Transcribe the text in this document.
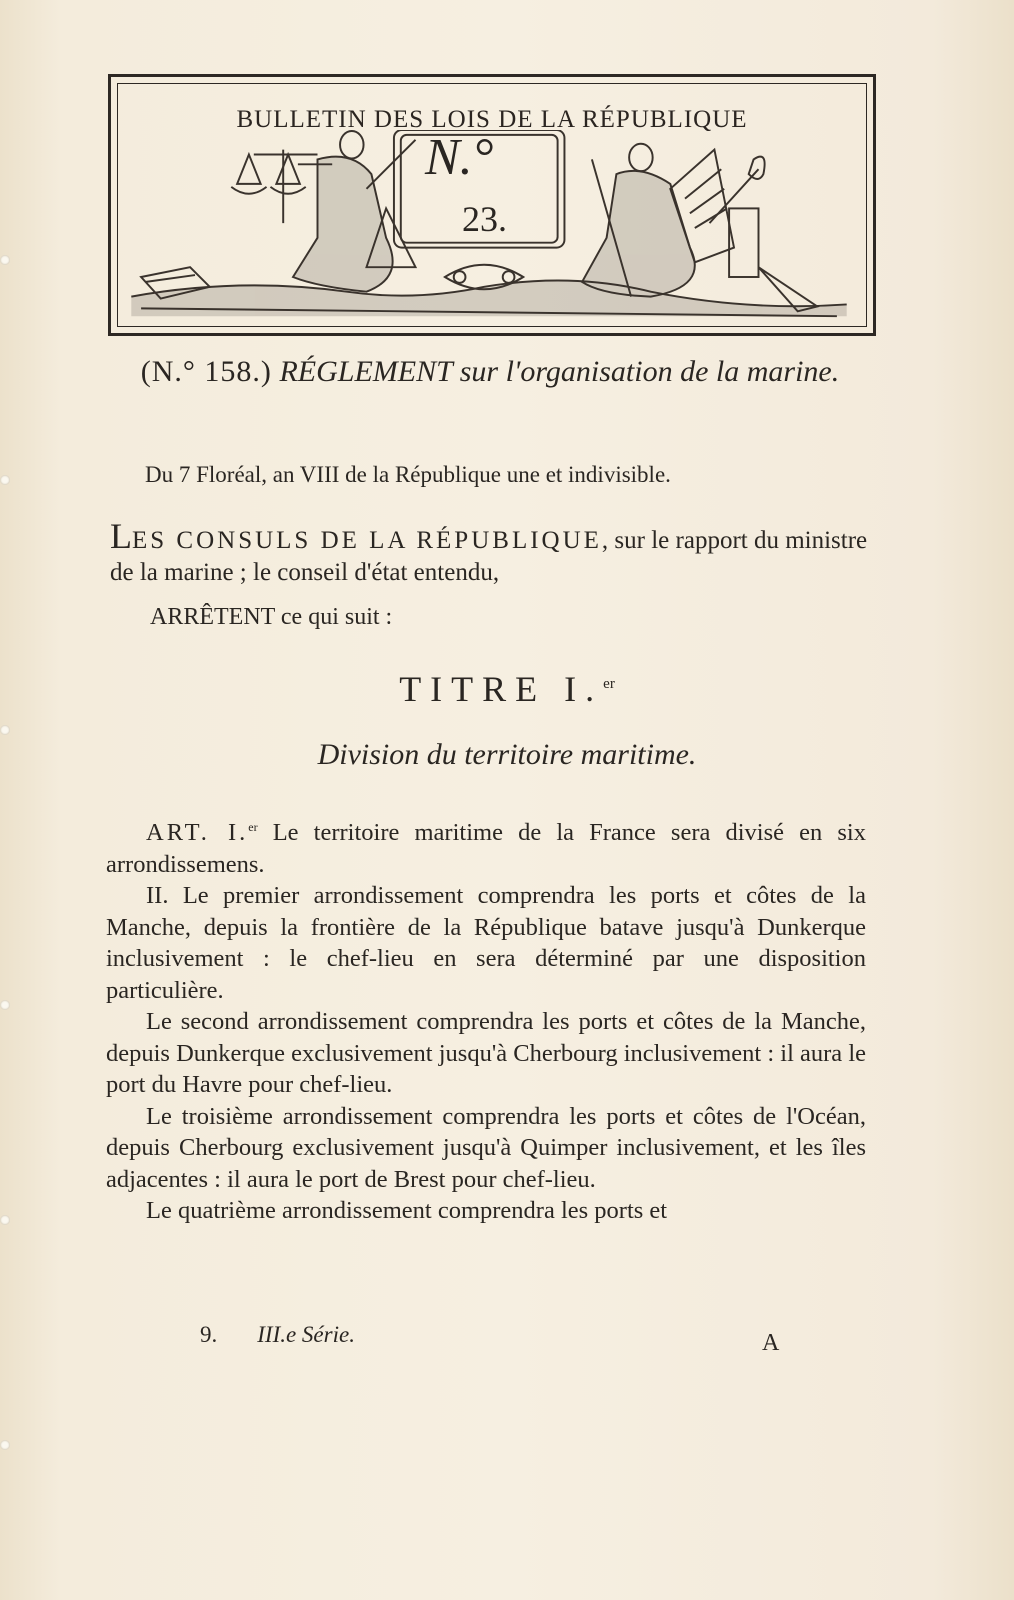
BULLETIN DES LOIS DE LA RÉPUBLIQUE
N.°
23.
(N.° 158.) RÉGLEMENT sur l'organisation de la marine.
Du 7 Floréal, an VIII de la République une et indivisible.
LES CONSULS DE LA RÉPUBLIQUE, sur le rapport du ministre de la marine ; le conseil d'état entendu,
ARRÊTENT ce qui suit :
TITRE I.$^{er}$
Division du territoire maritime.

ART. I.$^{er}$ Le territoire maritime de la France sera divisé en six arrondissemens.

II. Le premier arrondissement comprendra les ports et côtes de la Manche, depuis la frontière de la République batave jusqu'à Dunkerque inclusivement : le chef-lieu en sera déterminé par une disposition particulière.

Le second arrondissement comprendra les ports et côtes de la Manche, depuis Dunkerque exclusivement jusqu'à Cherbourg inclusivement : il aura le port du Havre pour chef-lieu.

Le troisième arrondissement comprendra les ports et côtes de l'Océan, depuis Cherbourg exclusivement jusqu'à Quimper inclusivement, et les îles adjacentes : il aura le port de Brest pour chef-lieu.

Le quatrième arrondissement comprendra les ports et

9. III.e Série.	A
